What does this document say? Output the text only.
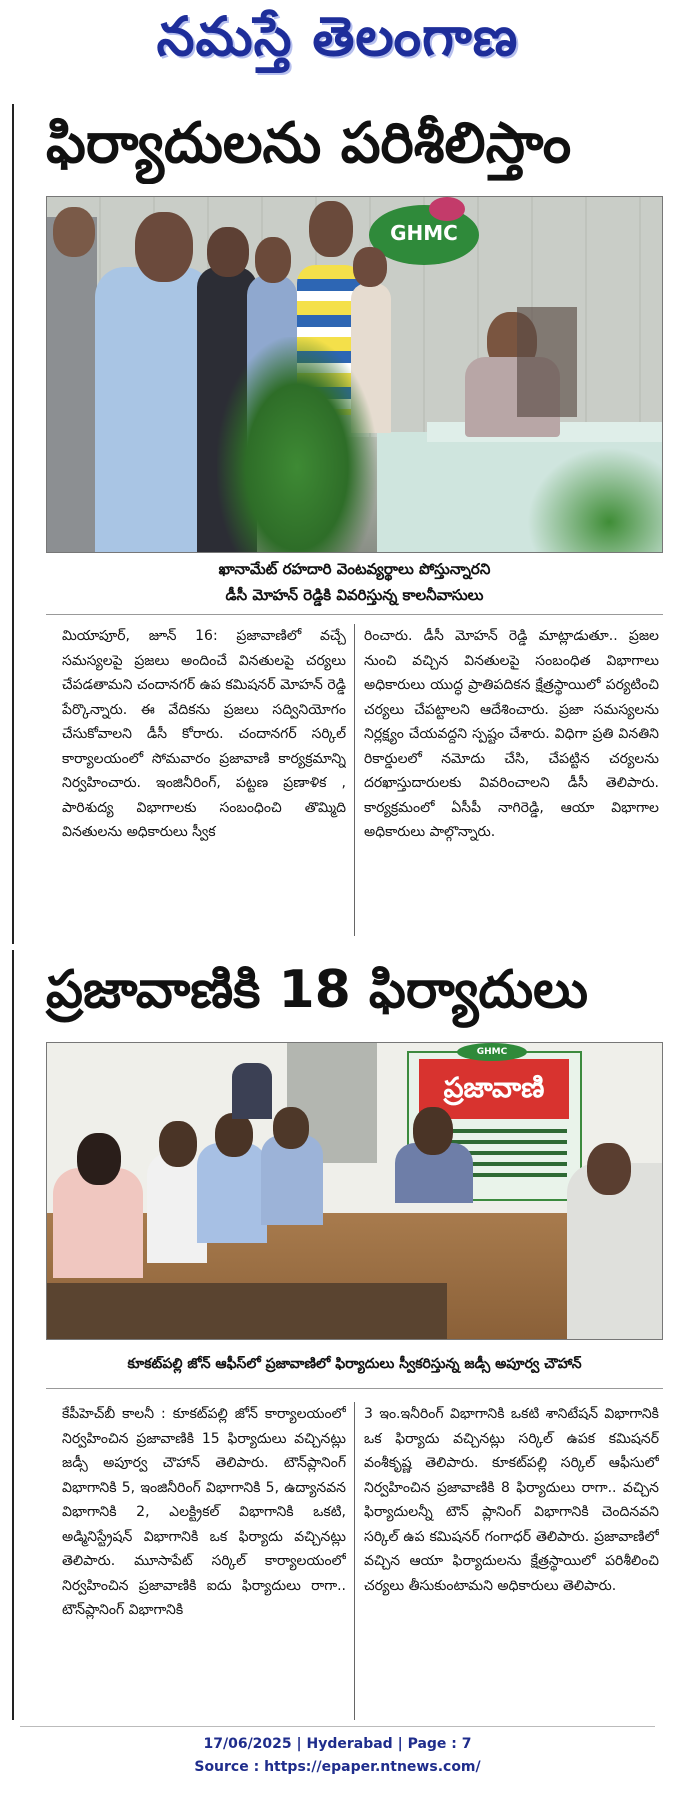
నమస్తే తెలంగాణ
ఫిర్యాదులను పరిశీలిస్తాం
GHMC
ఖానామేట్ రహదారి వెంటవ్యర్థాలు పోస్తున్నారని
డీసీ మోహన్ రెడ్డికి వివరిస్తున్న కాలనీవాసులు
మియాపూర్, జూన్ 16: ప్రజావాణిలో వచ్చే సమస్యలపై ప్రజలు అందించే వినతులపై చర్యలు చేపడతామని చందానగర్ ఉప కమిషనర్ మోహన్ రెడ్డి పేర్కొన్నారు. ఈ వేదికను ప్రజలు సద్వినియోగం చేసుకోవాలని డీసీ కోరారు. చందానగర్ సర్కిల్ కార్యాలయంలో సోమవారం ప్రజావాణి కార్యక్రమాన్ని నిర్వహించారు. ఇంజినీరింగ్, పట్టణ ప్రణాళిక , పారిశుద్య విభాగాలకు సంబంధించి తొమ్మిది వినతులను అధికారులు స్వీక
రించారు. డీసీ మోహన్ రెడ్డి మాట్లాడుతూ.. ప్రజల నుంచి వచ్చిన వినతులపై సంబంధిత విభాగాలు అధికారులు యుద్ధ ప్రాతిపదికన క్షేత్రస్థాయిలో పర్యటించి చర్యలు చేపట్టాలని ఆదేశించారు. ప్రజా సమస్యలను నిర్లక్ష్యం చేయవద్దని స్పష్టం చేశారు. విధిగా ప్రతి వినతిని రికార్డులలో నమోదు చేసి, చేపట్టిన చర్యలను దరఖాస్తుదారులకు వివరించాలని డీసీ తెలిపారు. కార్యక్రమంలో ఏసీపీ నాగిరెడ్డి, ఆయా విభాగాల అధికారులు పాల్గొన్నారు.
ప్రజావాణికి 18 ఫిర్యాదులు
ప్రజావాణి
GHMC
కూకట్‌పల్లి జోన్ ఆఫీస్‌లో ప్రజావాణిలో ఫిర్యాదులు స్వీకరిస్తున్న జడ్సీ అపూర్వ చౌహాన్
కేపీహెచ్‌బీ కాలనీ : కూకట్‌పల్లి జోన్ కార్యాలయంలో నిర్వహించిన ప్రజావాణికి 15 ఫిర్యాదులు వచ్చినట్లు జడ్సీ అపూర్వ చౌహాన్ తెలిపారు. టౌన్‌ప్లానింగ్ విభాగానికి 5, ఇంజినీరింగ్ విభాగానికి 5, ఉద్యానవన విభాగానికి 2, ఎలక్ట్రికల్ విభాగానికి ఒకటి, అడ్మినిస్ట్రేషన్ విభాగానికి ఒక ఫిర్యాదు వచ్చినట్లు తెలిపారు. మూసాపేట్ సర్కిల్ కార్యాలయంలో నిర్వహించిన ప్రజావాణికి ఐదు ఫిర్యాదులు రాగా.. టౌన్‌ప్లానింగ్ విభాగానికి
3 ఇం.ఇనీరింగ్ విభాగానికి ఒకటి శానిటేషన్ విభాగానికి ఒక ఫిర్యాదు వచ్చినట్లు సర్కిల్ ఉపక కమిషనర్ వంశీకృష్ణ తెలిపారు. కూకట్‌పల్లి సర్కిల్ ఆఫీసులో నిర్వహించిన ప్రజావాణికి 8 ఫిర్యాదులు రాగా.. వచ్చిన ఫిర్యాదులన్నీ టౌన్ ప్లానింగ్ విభాగానికి చెందినవని సర్కిల్ ఉప కమిషనర్ గంగాధర్ తెలిపారు. ప్రజావాణిలో వచ్చిన ఆయా ఫిర్యాదులను క్షేత్రస్థాయిలో పరిశీలించి చర్యలు తీసుకుంటామని అధికారులు తెలిపారు.
17/06/2025 | Hyderabad | Page : 7
Source : https://epaper.ntnews.com/
